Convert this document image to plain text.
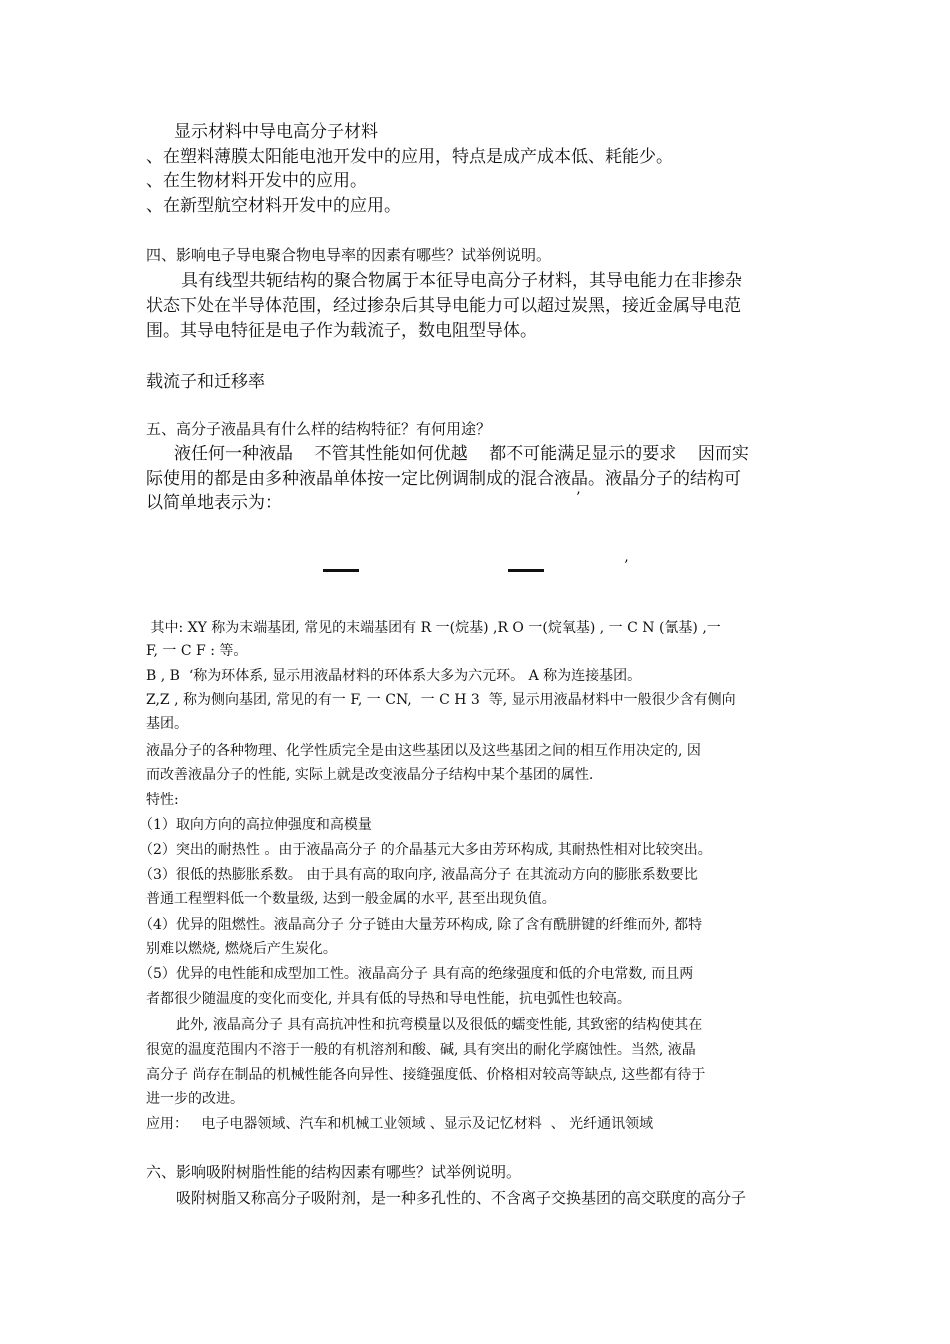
显示材料中导电高分子材料
、在塑料薄膜太阳能电池开发中的应用，特点是成产成本低、耗能少。
、在生物材料开发中的应用。
、在新型航空材料开发中的应用。
四、影响电子导电聚合物电导率的因素有哪些？试举例说明。
具有线型共轭结构的聚合物属于本征导电高分子材料，其导电能力在非掺杂
状态下处在半导体范围，经过掺杂后其导电能力可以超过炭黑，接近金属导电范
围。其导电特征是电子作为载流子，数电阻型导体。
载流子和迁移率
五、高分子液晶具有什么样的结构特征？有何用途？
液任何一种液晶    不管其性能如何优越    都不可能满足显示的要求    因而实
际使用的都是由多种液晶单体按一定比例调制成的混合液晶。液晶分子的结构可
以简单地表示为：	’
’
其中: XY 称为末端基团, 常见的末端基团有 R 一(烷基) ,R O 一(烷氧基) , 一 C N (氰基) ,一
F, 一 C F : 等。
B , B  ‘称为环体系, 显示用液晶材料的环体系大多为六元环。 A 称为连接基团。
Z,Z , 称为侧向基团, 常见的有一 F, 一 CN,  一 C H 3  等, 显示用液晶材料中一般很少含有侧向
基团。
液晶分子的各种物理、化学性质完全是由这些基团以及这些基团之间的相互作用决定的, 因
而改善液晶分子的性能, 实际上就是改变液晶分子结构中某个基团的属性.
特性:
（1）取向方向的高拉伸强度和高模量
（2）突出的耐热性 。由于液晶高分子 的介晶基元大多由芳环构成, 其耐热性相对比较突出。
（3）很低的热膨胀系数。 由于具有高的取向序, 液晶高分子 在其流动方向的膨胀系数要比
普通工程塑料低一个数量级, 达到一般金属的水平, 甚至出现负值。
（4）优异的阻燃性。液晶高分子 分子链由大量芳环构成, 除了含有酰肼键的纤维而外, 都特
别难以燃烧, 燃烧后产生炭化。
（5）优异的电性能和成型加工性。液晶高分子 具有高的绝缘强度和低的介电常数, 而且两
者都很少随温度的变化而变化, 并具有低的导热和导电性能，抗电弧性也较高。
此外, 液晶高分子 具有高抗冲性和抗弯模量以及很低的蠕变性能, 其致密的结构使其在
很宽的温度范围内不溶于一般的有机溶剂和酸、碱, 具有突出的耐化学腐蚀性。当然, 液晶
高分子 尚存在制品的机械性能各向异性、接缝强度低、价格相对较高等缺点, 这些都有待于
进一步的改进。
应用：   电子电器领域、汽车和机械工业领域 、显示及记忆材料  、 光纤通讯领域
六、影响吸附树脂性能的结构因素有哪些？试举例说明。
吸附树脂又称高分子吸附剂，是一种多孔性的、不含离子交换基团的高交联度的高分子
